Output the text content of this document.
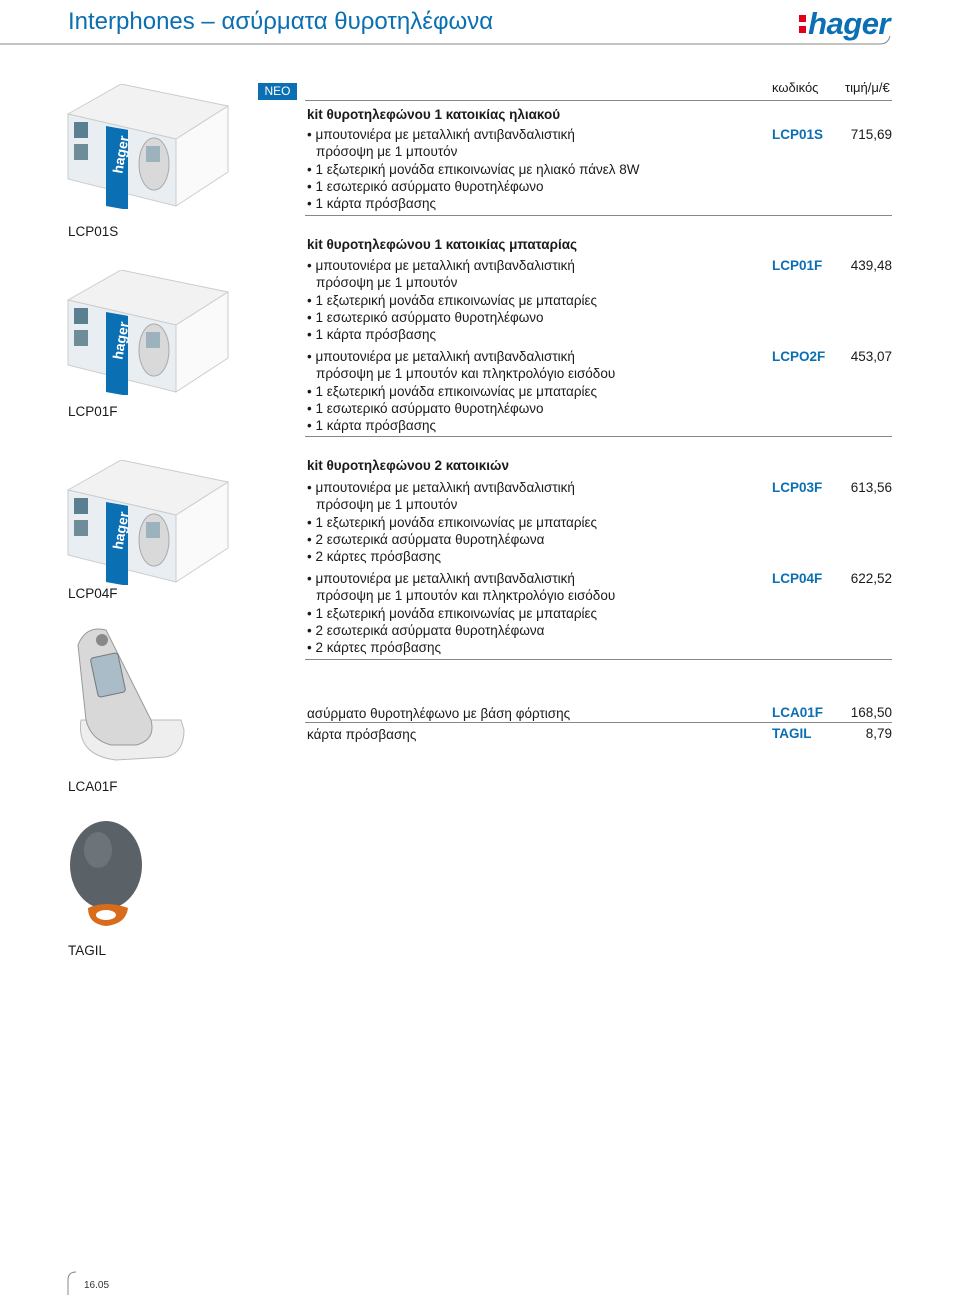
Interphones – ασύρματα θυροτηλέφωνα	hager
ΝΕΟ	κωδικός τιμή/μ/€
kit θυροτηλεφώνου 1 κατοικίας ηλιακού
• μπουτονιέρα με μεταλλική αντιβανδαλιστική
πρόσοψη με 1 μπουτόν
• 1 εξωτερική μονάδα επικοινωνίας με ηλιακό πάνελ 8W
• 1 εσωτερικό ασύρματο θυροτηλέφωνο
• 1 κάρτα πρόσβασης
LCP01S	715,69
kit θυροτηλεφώνου 1 κατοικίας μπαταρίας
• μπουτονιέρα με μεταλλική αντιβανδαλιστική
πρόσοψη με 1 μπουτόν
• 1 εξωτερική μονάδα επικοινωνίας με μπαταρίες
• 1 εσωτερικό ασύρματο θυροτηλέφωνο
• 1 κάρτα πρόσβασης
LCP01F	439,48
• μπουτονιέρα με μεταλλική αντιβανδαλιστική
πρόσοψη με 1 μπουτόν και πληκτρολόγιο εισόδου
• 1 εξωτερική μονάδα επικοινωνίας με μπαταρίες
• 1 εσωτερικό ασύρματο θυροτηλέφωνο
• 1 κάρτα πρόσβασης
LCPO2F	453,07
kit θυροτηλεφώνου 2 κατοικιών
• μπουτονιέρα με μεταλλική αντιβανδαλιστική
πρόσοψη με 1 μπουτόν
• 1 εξωτερική μονάδα επικοινωνίας με μπαταρίες
• 2 εσωτερικά ασύρματα θυροτηλέφωνα
• 2 κάρτες πρόσβασης
LCP03F	613,56
• μπουτονιέρα με μεταλλική αντιβανδαλιστική
πρόσοψη με 1 μπουτόν και πληκτρολόγιο εισόδου
• 1 εξωτερική μονάδα επικοινωνίας με μπαταρίες
• 2 εσωτερικά ασύρματα θυροτηλέφωνα
• 2 κάρτες πρόσβασης
LCP04F	622,52
ασύρματο θυροτηλέφωνο με βάση φόρτισης	LCA01F	168,50
κάρτα πρόσβασης	TAGIL	8,79
hager
LCP01S
hager
LCP01F
hager
LCP04F
LCA01F
TAGIL
16.05
